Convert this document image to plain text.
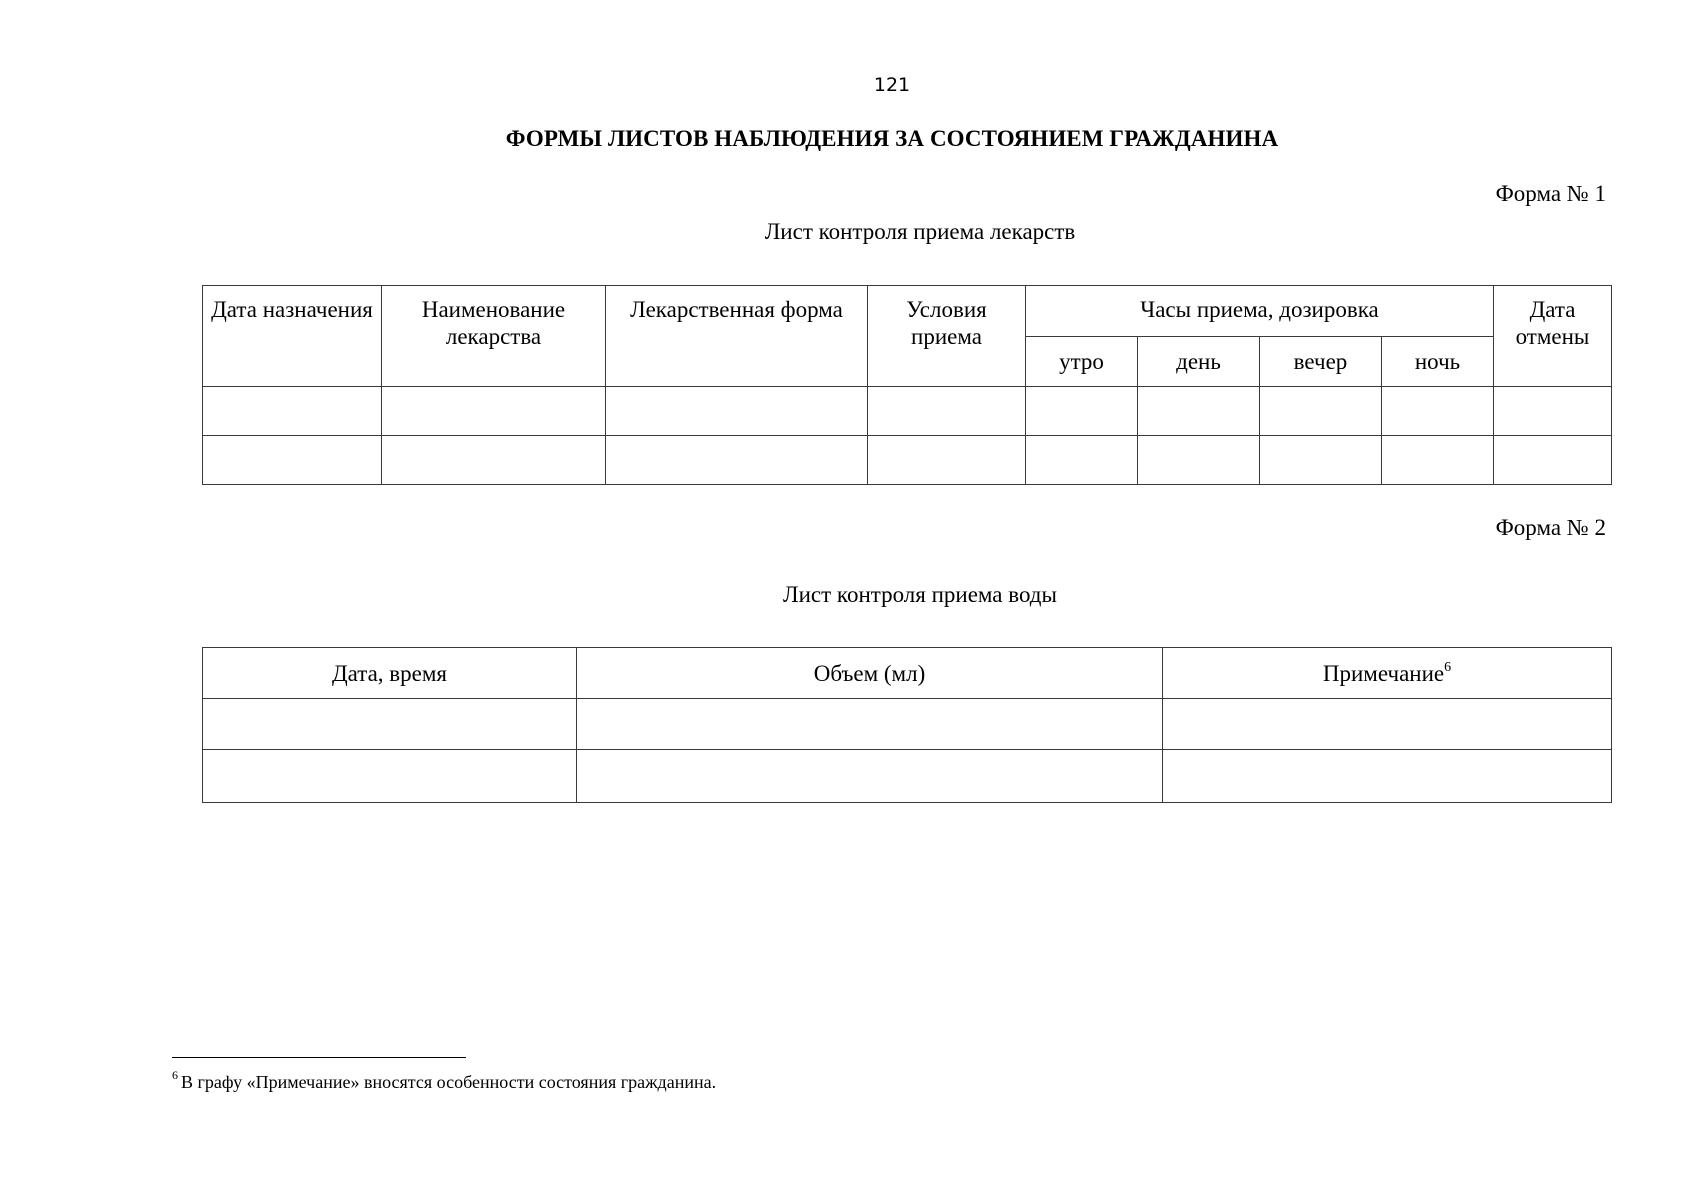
121
ФОРМЫ ЛИСТОВ НАБЛЮДЕНИЯ ЗА СОСТОЯНИЕМ ГРАЖДАНИНА
Форма № 1
Лист контроля приема лекарств
Дата назначения	Наименование лекарства	Лекарственная форма	Условия приема	Часы приема, дозировка				Дата отмены
				утро	день	вечер	ночь	

Форма № 2
Лист контроля приема воды
Дата, время	Объем (мл)	Примечание$^6$

$^6$ В графу «Примечание» вносятся особенности состояния гражданина.
